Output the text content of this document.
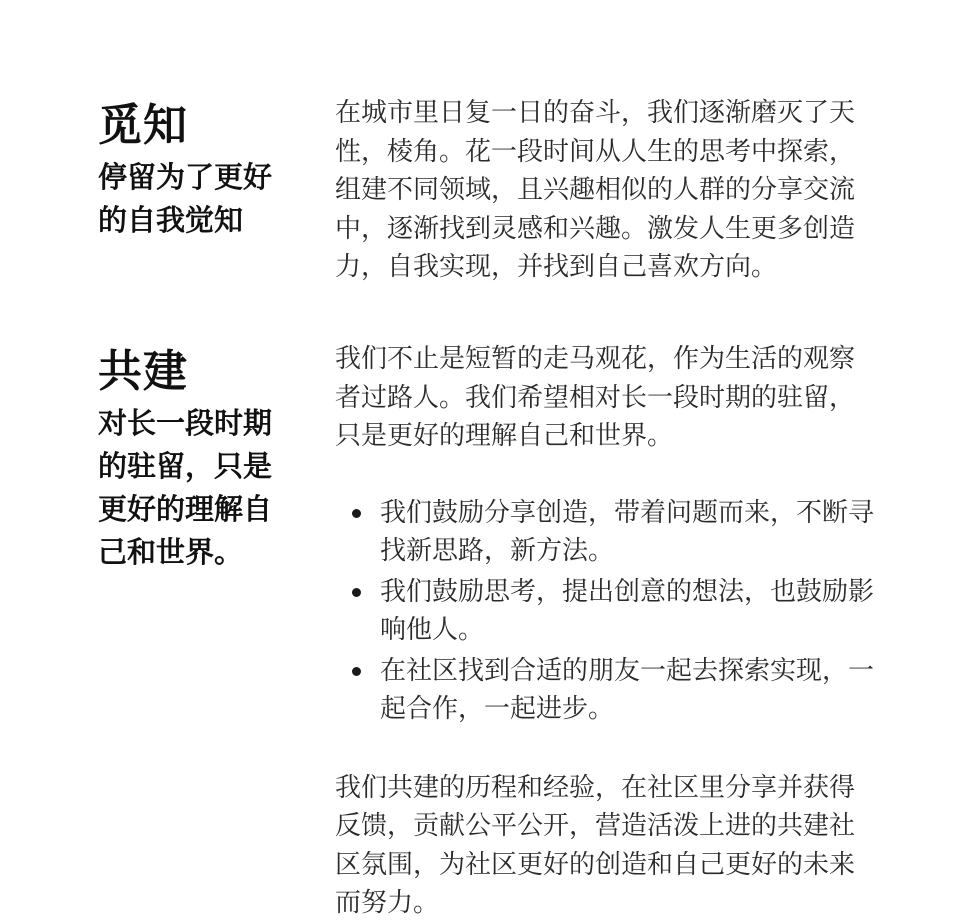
觅知

停留为了更好的自我觉知

在城市里日复一日的奋斗，我们逐渐磨灭了天性，棱角。花一段时间从人生的思考中探索，组建不同领域，且兴趣相似的人群的分享交流中，逐渐找到灵感和兴趣。激发人生更多创造力，自我实现，并找到自己喜欢方向。

共建

对长一段时期的驻留，只是更好的理解自己和世界。

我们不止是短暂的走马观花，作为生活的观察者过路人。我们希望相对长一段时期的驻留，只是更好的理解自己和世界。

我们鼓励分享创造，带着问题而来，不断寻找新思路，新方法。
我们鼓励思考，提出创意的想法，也鼓励影响他人。
在社区找到合适的朋友一起去探索实现，一起合作，一起进步。

我们共建的历程和经验，在社区里分享并获得反馈，贡献公平公开，营造活泼上进的共建社区氛围，为社区更好的创造和自己更好的未来而努力。
